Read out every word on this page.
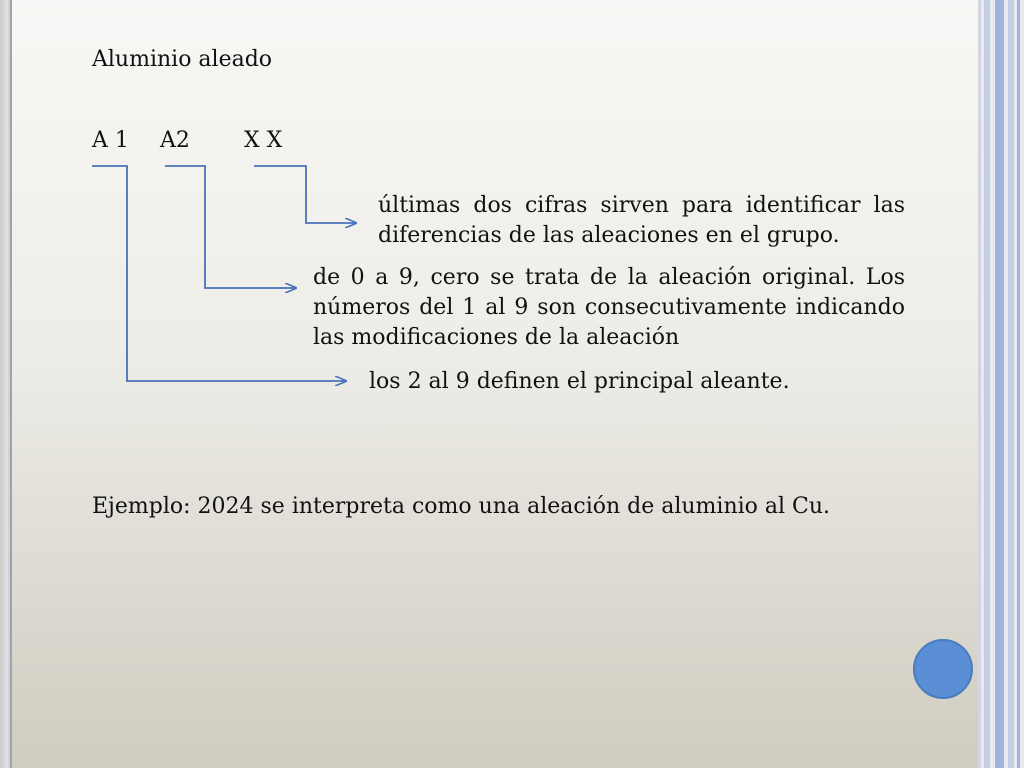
Aluminio aleado

A 1 A2 X X

últimas dos cifras sirven para identificar las diferencias de las aleaciones en el grupo.

de 0 a 9, cero se trata de la aleación original. Los números del 1 al 9 son consecutivamente indicando las modificaciones de la aleación

los 2 al 9 definen el principal aleante.

Ejemplo: 2024 se interpreta como una aleación de aluminio al Cu.
